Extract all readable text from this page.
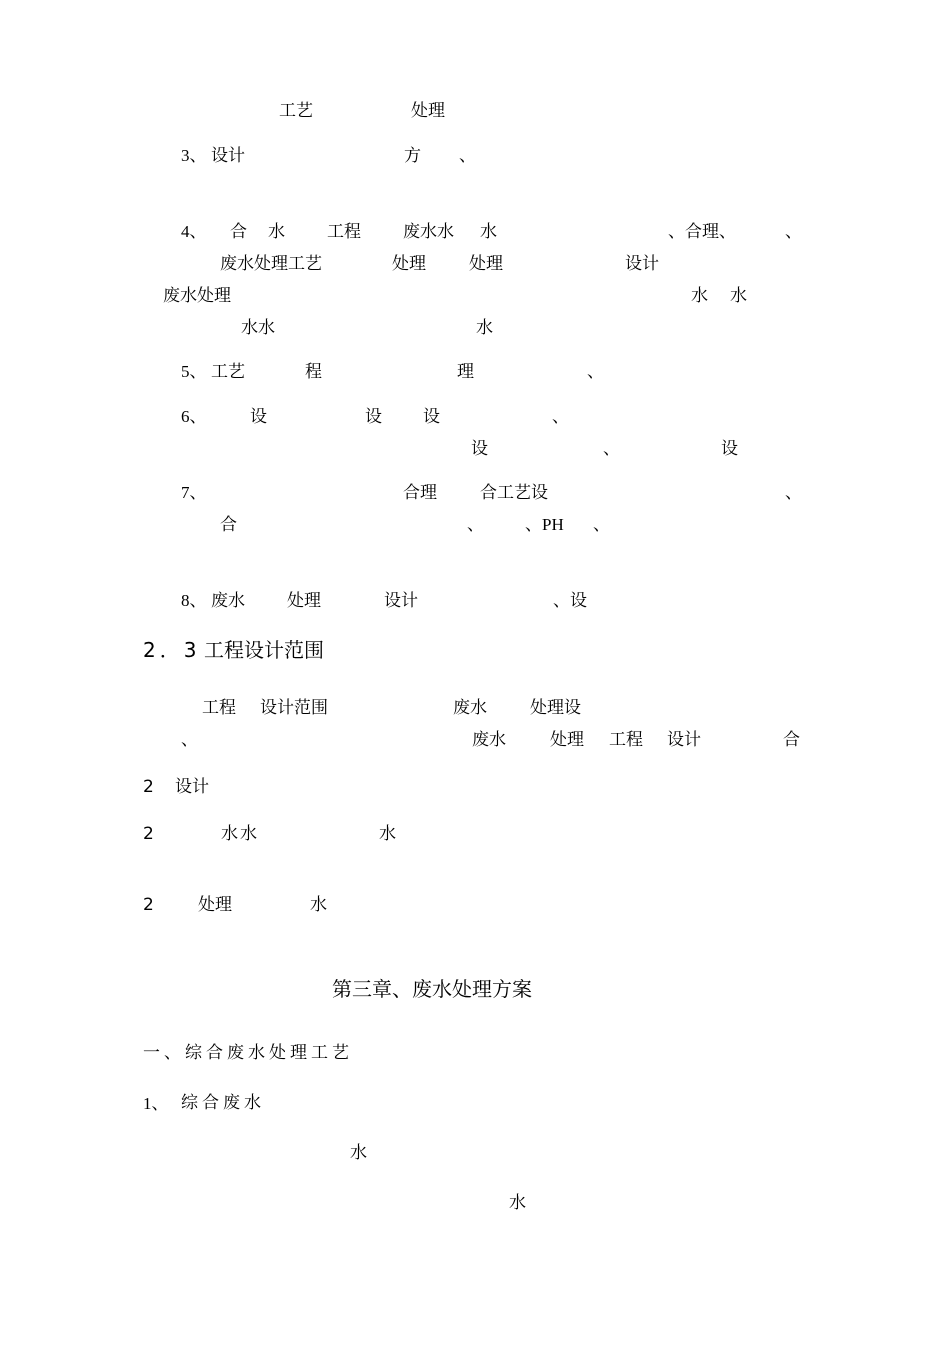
工艺	处理
3、 设计	方 、
4、 合 水 工程 废水水 水	、合理、	、
废水处理工艺	处理	处理	设计
废水处理	水 水
水水	水
5、 工艺	程	理	、
6、	设	设 设	、
设	、	设
7、	合理	合工艺设	、
合	、 、PH 、
8、 废水 处理	设计	、设
2．3 工程设计范围
工程 设计范围	废水	处理设
、	废水	处理 工程 设计	合
2 设计
2	水水	水
2	处理	水
第三章、废水处理方案
一、综合废水处理工艺
1、 综合废水
水
水
